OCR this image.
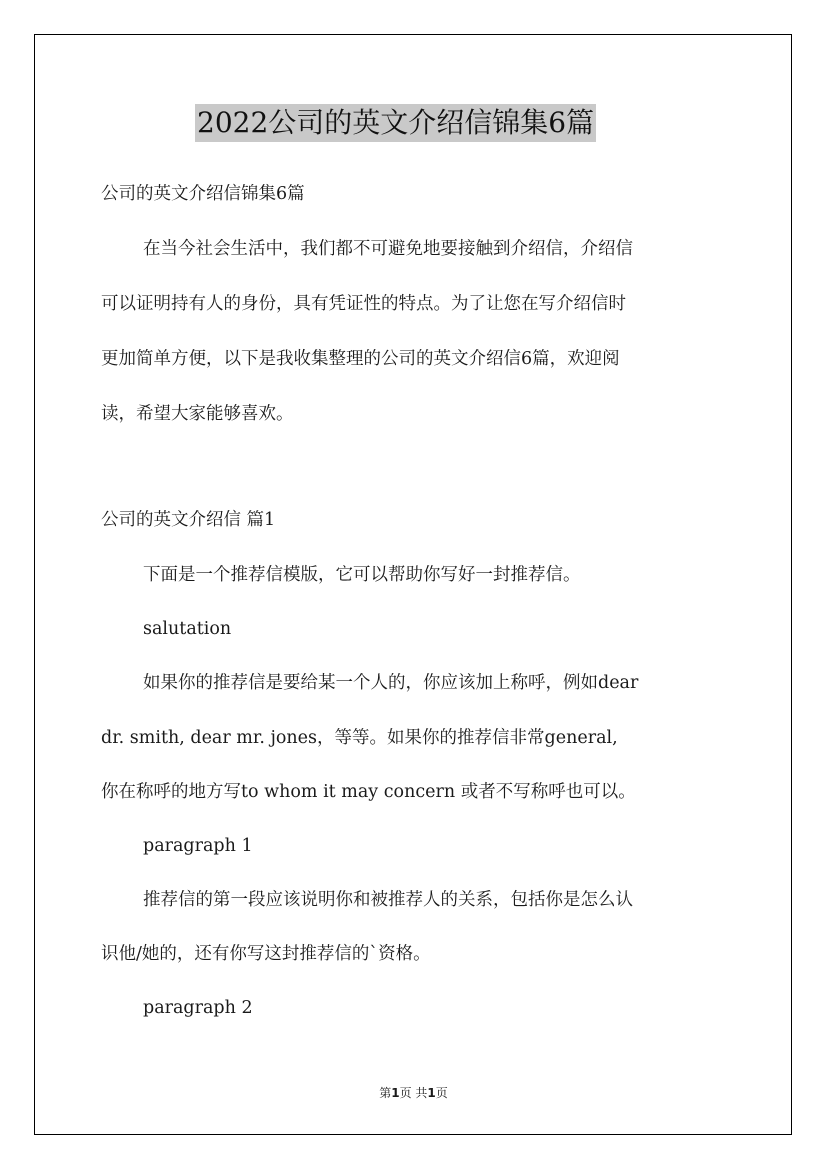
2022公司的英文介绍信锦集6篇
公司的英文介绍信锦集6篇
在当今社会生活中，我们都不可避免地要接触到介绍信，介绍信
可以证明持有人的身份，具有凭证性的特点。为了让您在写介绍信时
更加简单方便，以下是我收集整理的公司的英文介绍信6篇，欢迎阅
读，希望大家能够喜欢。
公司的英文介绍信 篇1
下面是一个推荐信模版，它可以帮助你写好一封推荐信。
salutation
如果你的推荐信是要给某一个人的，你应该加上称呼，例如dear
dr. smith, dear mr. jones，等等。如果你的推荐信非常general,
你在称呼的地方写to whom it may concern 或者不写称呼也可以。
paragraph 1
推荐信的第一段应该说明你和被推荐人的关系，包括你是怎么认
识他/她的，还有你写这封推荐信的`资格。
paragraph 2
第1页 共1页
